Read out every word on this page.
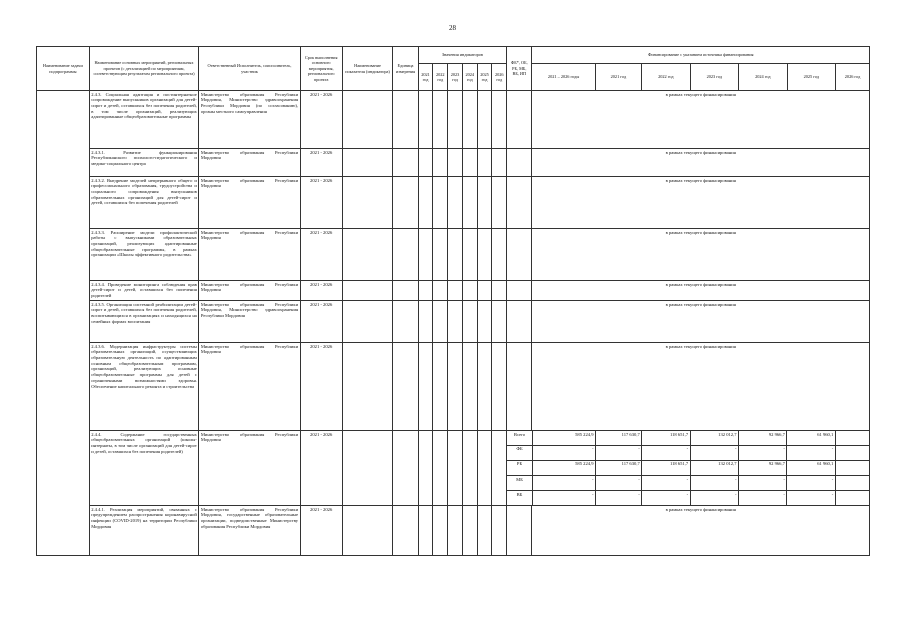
28
Наименование задачи подпрограммы	Наименование основных мероприятий, региональных проектов (с детализацией по мероприятиям, соответствующим результатам регионального проекта)	Ответственный Исполнитель, соисполнитель, участник	Срок выполнения основного мероприятия, регионального проекта	Наименование показателя (индикатора)	Единица измерения	Значения индикаторов	ФБ*, ОБ, РБ, МБ, ВБ, ИП	Финансирование с указанием источника финансирования
2021 год	2022 год	2023 год	2024 год	2025 год	2026 год	2021 – 2026 годы	2021 год	2022 год	2023 год	2024 год	2025 год	2026 год
	2.4.3. Социальная адаптация и постинтернатное сопровождение выпускников организаций для детей-сирот и детей, оставшихся без попечения родителей, в том числе организаций, реализующих адаптированные общеобразовательные программы	Министерство образования Республики Мордовия, Министерство здравоохранения Республики Мордовия (по согласованию), органы местного самоуправления	2021 - 2026										в рамках текущего финансирования
2.4.3.1. Развитие функционирования Республиканского психолого-педагогического и медико-социального центра	Министерство образования Республики Мордовия	2021 - 2026										в рамках текущего финансирования
2.4.3.2. Внедрение моделей непрерывного общего и профессионального образования, трудоустройства и социального сопровождения выпускников образовательных организаций для детей-сирот и детей, оставшихся без попечения родителей	Министерство образования Республики Мордовия	2021 - 2026										в рамках текущего финансирования
2.4.3.3. Расширение модели профилактической работы с выпускниками образовательных организаций, реализующих адаптированные общеобразовательные программы, в рамках организации «Школы эффективного родительства»	Министерство образования Республики Мордовия	2021 - 2026										в рамках текущего финансирования
2.4.3.4. Проведение мониторинга соблюдения прав детей-сирот и детей, оставшихся без попечения родителей	Министерство образования Республики Мордовия	2021 - 2026										в рамках текущего финансирования
2.4.3.5. Организация системной реабилитации детей-сирот и детей, оставшихся без попечения родителей, воспитывающихся в организациях и находящихся на семейных формах воспитания	Министерство образования Республики Мордовия, Министерство здравоохранения Республики Мордовия	2021 - 2026										в рамках текущего финансирования
2.4.3.6. Модернизация инфраструктуры системы образовательных организаций, осуществляющих образовательную деятельность по адаптированным основным общеобразовательным программам, организаций, реализующих основные общеобразовательные программы для детей с ограниченными возможностями здоровья. Обеспечение капитального ремонта и строительства	Министерство образования Республики Мордовия	2021 - 2026										в рамках текущего финансирования
2.4.4. Содержание государственных общеобразовательных организаций (школы-интернаты, в том числе организаций для детей-сирот и детей, оставшихся без попечения родителей)	Министерство образования Республики Мордовия	2021 - 2026										Всего	585 224,9	117 630,7	118 651,7	132 012,7	92 966,7	61 960,1	
ФБ	-	-	-	-	-	-	
РБ	585 224,9	117 630,7	118 651,7	132 012,7	92 966,7	61 960,1	
МБ	-	-	-	-	-	-	
ВБ	-	-	-	-	-	-	

2.4.4.1. Реализация мероприятий, связанных с предупреждением распространения коронавирусной инфекции (COVID-2019) на территории Республики Мордовия	Министерство образования Республики Мордовия, государственные образовательные организации, подведомственные Министерству образования Республики Мордовия	2021 - 2026										в рамках текущего финансирования
